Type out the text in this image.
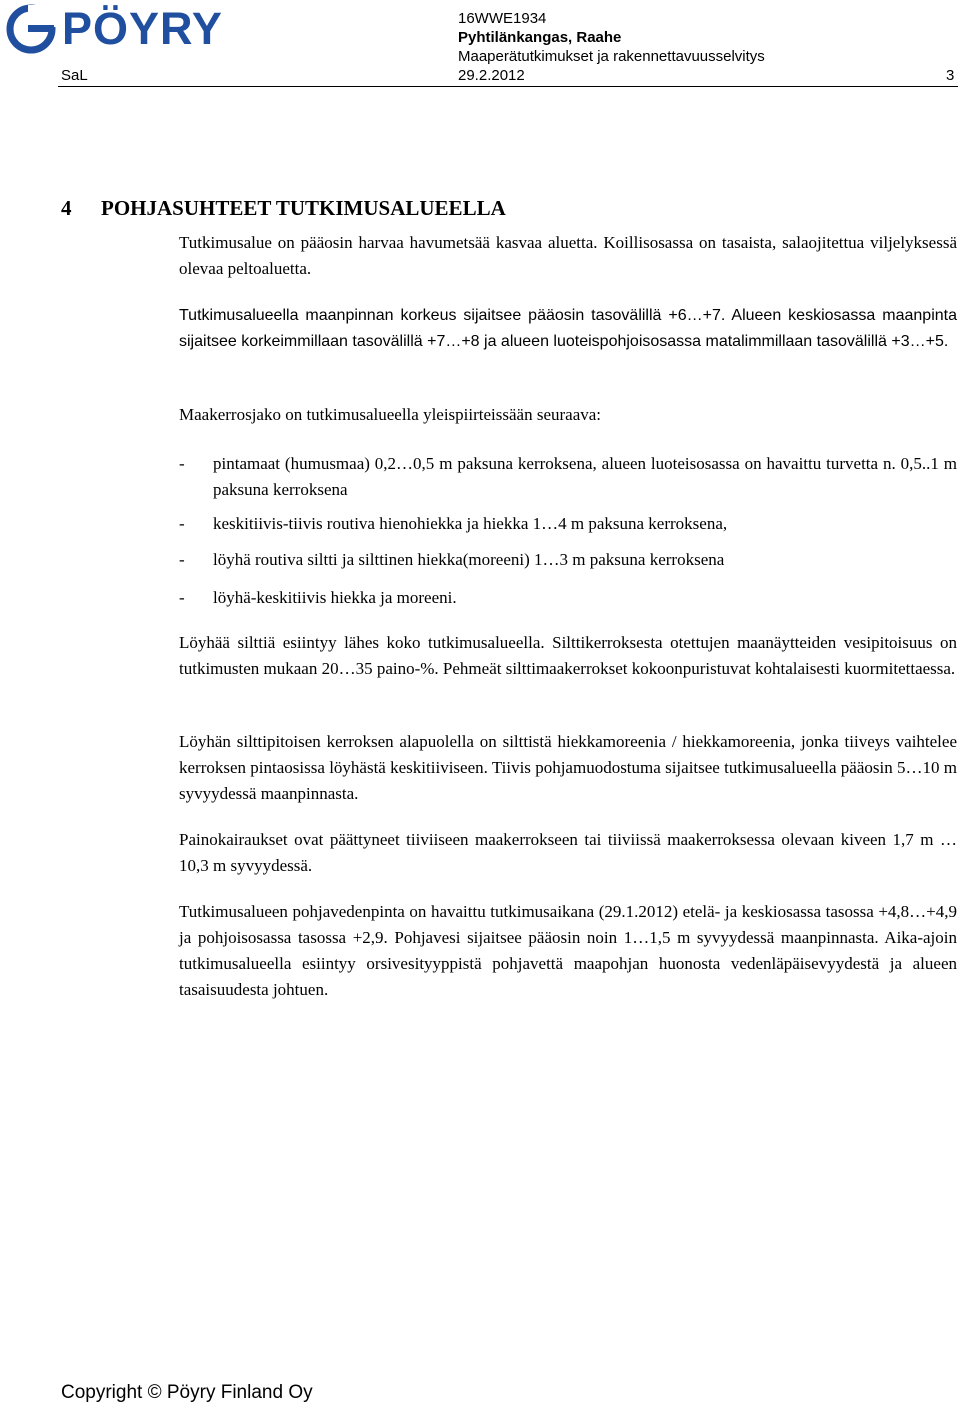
PÖYRY	16WWE1934
Pyhtilänkangas, Raahe
Maaperätutkimukset ja rakennettavuusselvitys
SaL	29.2.2012	3
4 POHJASUHTEET TUTKIMUSALUEELLA
Tutkimusalue on pääosin harvaa havumetsää kasvaa aluetta. Koillisosassa on tasaista, salaojitettua viljelyksessä olevaa peltoaluetta.
Tutkimusalueella maanpinnan korkeus sijaitsee pääosin tasovälillä +6…+7. Alueen keskiosassa maanpinta sijaitsee korkeimmillaan tasovälillä +7…+8 ja alueen luoteispohjoisosassa matalimmillaan tasovälillä +3…+5.
Maakerrosjako on tutkimusalueella yleispiirteissään seuraava:
- pintamaat (humusmaa) 0,2…0,5 m paksuna kerroksena, alueen luoteisosassa on havaittu turvetta n. 0,5..1 m paksuna kerroksena
- keskitiivis-tiivis routiva hienohiekka ja hiekka 1…4 m paksuna kerroksena,
- löyhä routiva siltti ja silttinen hiekka(moreeni) 1…3 m paksuna kerroksena
- löyhä-keskitiivis hiekka ja moreeni.
Löyhää silttiä esiintyy lähes koko tutkimusalueella. Silttikerroksesta otettujen maanäytteiden vesipitoisuus on tutkimusten mukaan 20…35 paino-%. Pehmeät silttimaakerrokset kokoonpuristuvat kohtalaisesti kuormitettaessa.
Löyhän silttipitoisen kerroksen alapuolella on silttistä hiekkamoreenia / hiekkamoreenia, jonka tiiveys vaihtelee kerroksen pintaosissa löyhästä keskitiiviseen. Tiivis pohjamuodostuma sijaitsee tutkimusalueella pääosin 5…10 m syvyydessä maanpinnasta.
Painokairaukset ovat päättyneet tiiviiseen maakerrokseen tai tiiviissä maakerroksessa olevaan kiveen 1,7 m …10,3 m syvyydessä.
Tutkimusalueen pohjavedenpinta on havaittu tutkimusaikana (29.1.2012) etelä- ja keskiosassa tasossa +4,8…+4,9 ja pohjoisosassa tasossa +2,9. Pohjavesi sijaitsee pääosin noin 1…1,5 m syvyydessä maanpinnasta. Aika-ajoin tutkimusalueella esiintyy orsivesityyppistä pohjavettä maapohjan huonosta vedenläpäisevyydestä ja alueen tasaisuudesta johtuen.
Copyright © Pöyry Finland Oy
